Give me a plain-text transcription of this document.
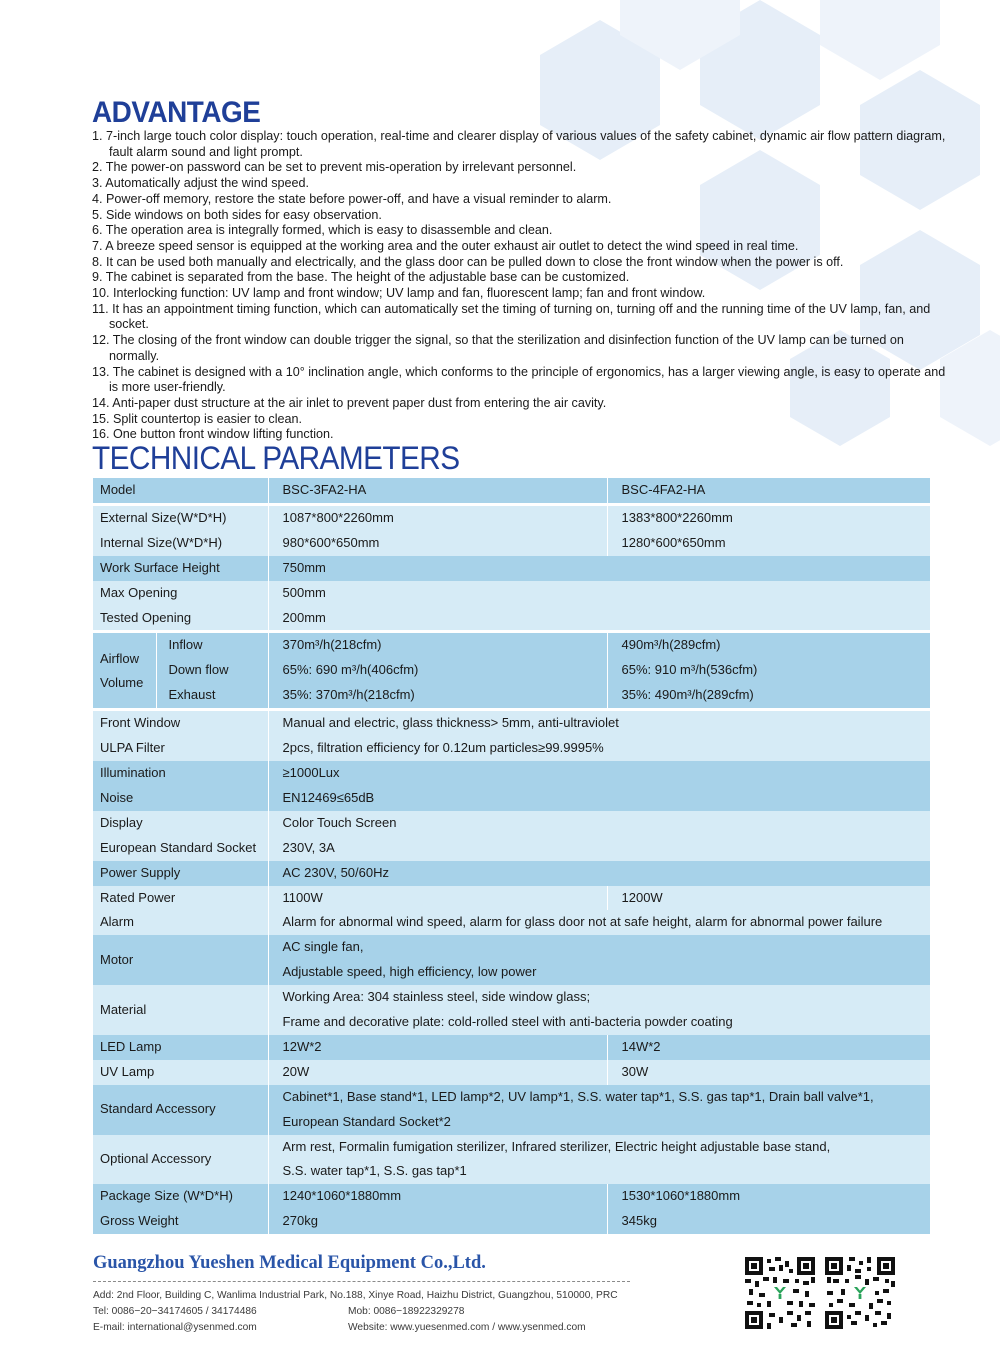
ADVANTAGE
1. 7-inch large touch color display: touch operation, real-time and clearer display of various values of the safety cabinet, dynamic air flow pattern diagram, fault alarm sound and light prompt.
2. The power-on password can be set to prevent mis-operation by irrelevant personnel.
3. Automatically adjust the wind speed.
4. Power-off memory, restore the state before power-off, and have a visual reminder to alarm.
5. Side windows on both sides for easy observation.
6. The operation area is integrally formed, which is easy to disassemble and clean.
7. A breeze speed sensor is equipped at the working area and the outer exhaust air outlet to detect the wind speed in real time.
8. It can be used both manually and electrically, and the glass door can be pulled down to close the front window when the power is off.
9. The cabinet is separated from the base. The height of the adjustable base can be customized.
10. Interlocking function: UV lamp and front window; UV lamp and fan, fluorescent lamp; fan and front window.
11. It has an appointment timing function, which can automatically set the timing of turning on, turning off and the running time of the UV lamp, fan, and socket.
12. The closing of the front window can double trigger the signal, so that the sterilization and disinfection function of the UV lamp can be turned on normally.
13. The cabinet is designed with a 10° inclination angle, which conforms to the principle of ergonomics, has a larger viewing angle, is easy to operate and is more user-friendly.
14. Anti-paper dust structure at the air inlet to prevent paper dust from entering the air cavity.
15. Split countertop is easier to clean.
16. One button front window lifting function.
TECHNICAL PARAMETERS
Model		BSC-3FA2-HA	BSC-4FA2-HA
External Size(W*D*H)		1087*800*2260mm	1383*800*2260mm
Internal Size(W*D*H)		980*600*650mm	1280*600*650mm
Work Surface Height		750mm	
Max Opening		500mm	
Tested Opening		200mm	
Airflow
Volume	Inflow	370m³/h(218cfm)	490m³/h(289cfm)
	Down flow	65%: 690 m³/h(406cfm)	65%: 910 m³/h(536cfm)
	Exhaust	35%: 370m³/h(218cfm)	35%: 490m³/h(289cfm)
Front Window		Manual and electric, glass thickness> 5mm, anti-ultraviolet	
ULPA Filter		2pcs, filtration efficiency for 0.12um particles≥99.9995%	
Illumination		≥1000Lux	
Noise		EN12469≤65dB	
Display		Color Touch Screen	
European Standard Socket		230V, 3A	
Power Supply		AC 230V, 50/60Hz	
Rated Power		1100W	1200W
Alarm		Alarm for abnormal wind speed, alarm for glass door not at safe height, alarm for abnormal power failure	
Motor		AC single fan,	
		Adjustable speed, high efficiency, low power	
Material		Working Area: 304 stainless steel, side window glass;	
		Frame and decorative plate: cold-rolled steel with anti-bacteria powder coating	
LED Lamp		12W*2	14W*2
UV Lamp		20W	30W
Standard Accessory		Cabinet*1, Base stand*1, LED lamp*2, UV lamp*1, S.S. water tap*1, S.S. gas tap*1, Drain ball valve*1,	
		European Standard Socket*2	
Optional Accessory		Arm rest, Formalin fumigation sterilizer, Infrared sterilizer, Electric height adjustable base stand,	
		S.S. water tap*1, S.S. gas tap*1	
Package Size (W*D*H)		1240*1060*1880mm	1530*1060*1880mm
Gross Weight		270kg	345kg
Guangzhou Yueshen Medical Equipment Co.,Ltd.
Add: 2nd Floor, Building C, Wanlima Industrial Park, No.188, Xinye Road, Haizhu District, Guangzhou, 510000, PRC
Tel: 0086−20−34174605 / 34174486	Mob: 0086−18922329278
E-mail: international@ysenmed.com	Website: www.yuesenmed.com / www.ysenmed.com
